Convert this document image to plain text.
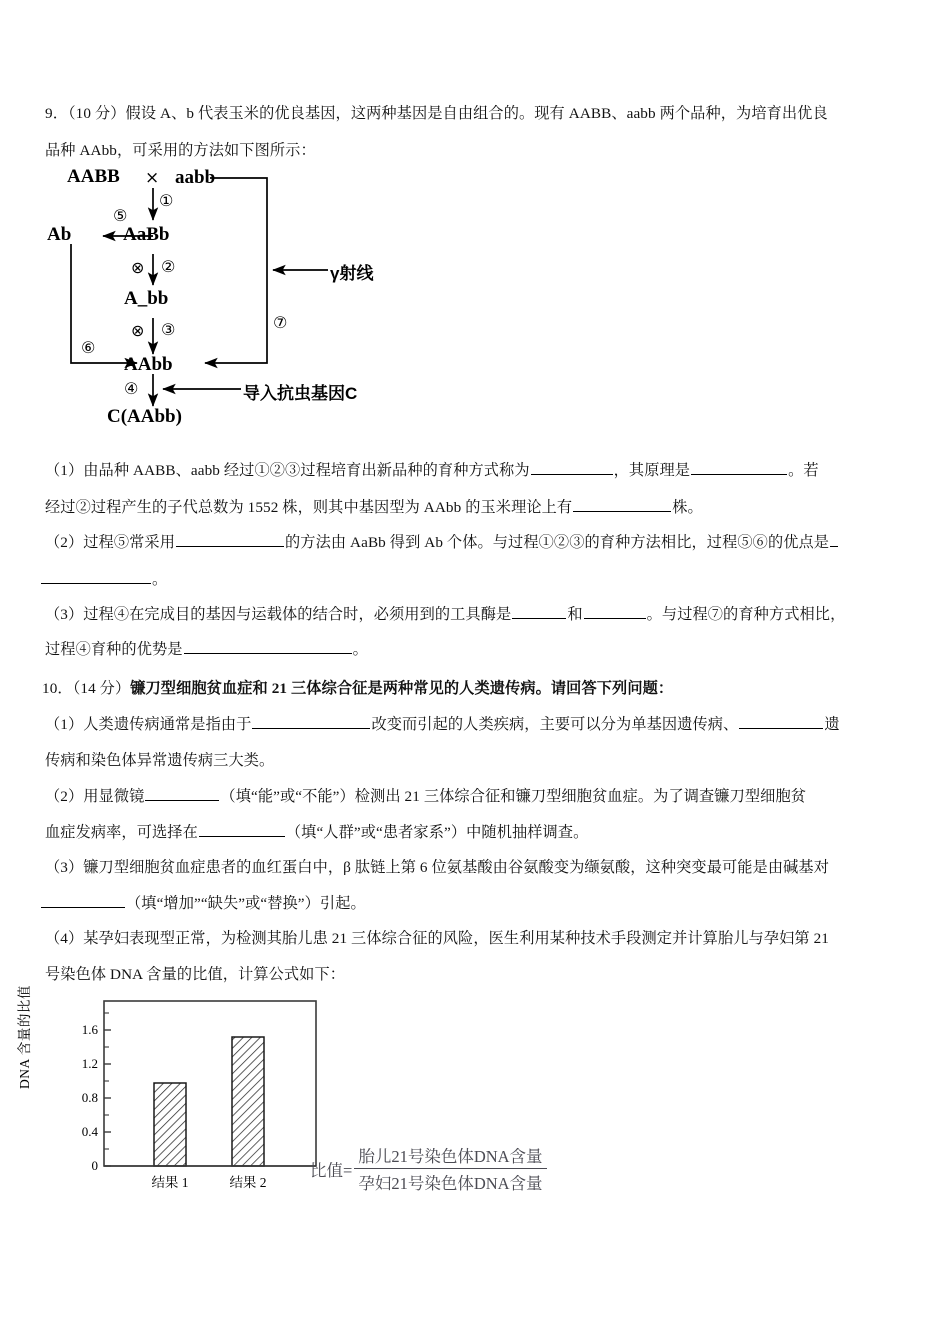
9．（10 分）假设 A、b 代表玉米的优良基因，这两种基因是自由组合的。现有 AABB、aabb 两个品种，为培育出优良
品种 AAbb，可采用的方法如下图所示：
AABB × aabb
①
Ab
⑤
AaBb
⊗ ②
A_bb
⊗ ③
⑥
⑦
AAbb
γ射线
④	导入抗虫基因C
C(AAbb)
（1）由品种 AABB、aabb 经过①②③过程培育出新品种的育种方式称为	，其原理是	。若
经过②过程产生的子代总数为 1552 株，则其中基因型为 AAbb 的玉米理论上有	株。
（2）过程⑤常采用	的方法由 AaBb 得到 Ab 个体。与过程①②③的育种方法相比，过程⑤⑥的优点是
。
（3）过程④在完成目的基因与运载体的结合时，必须用到的工具酶是	和	。与过程⑦的育种方式相比，
过程④育种的优势是	。
10．（14 分）镰刀型细胞贫血症和 21 三体综合征是两种常见的人类遗传病。请回答下列问题：
（1）人类遗传病通常是指由于	改变而引起的人类疾病，主要可以分为单基因遗传病、	遗
传病和染色体异常遗传病三大类。
（2）用显微镜	（填“能”或“不能”）检测出 21 三体综合征和镰刀型细胞贫血症。为了调查镰刀型细胞贫
血症发病率，可选择在	（填“人群”或“患者家系”）中随机抽样调查。
（3）镰刀型细胞贫血症患者的血红蛋白中，β 肽链上第 6 位氨基酸由谷氨酸变为缬氨酸，这种突变最可能是由碱基对
（填“增加”“缺失”或“替换”）引起。
（4）某孕妇表现型正常，为检测其胎儿患 21 三体综合征的风险，医生利用某种技术手段测定并计算胎儿与孕妇第 21
号染色体 DNA 含量的比值，计算公式如下：
DNA 含量的比值	1.6
1.2
0.8
0.4
0
结果 1	结果 2
比值= $\frac{\text{胎儿21号染色体DNA含量}}{\text{孕妇21号染色体DNA含量}}$
